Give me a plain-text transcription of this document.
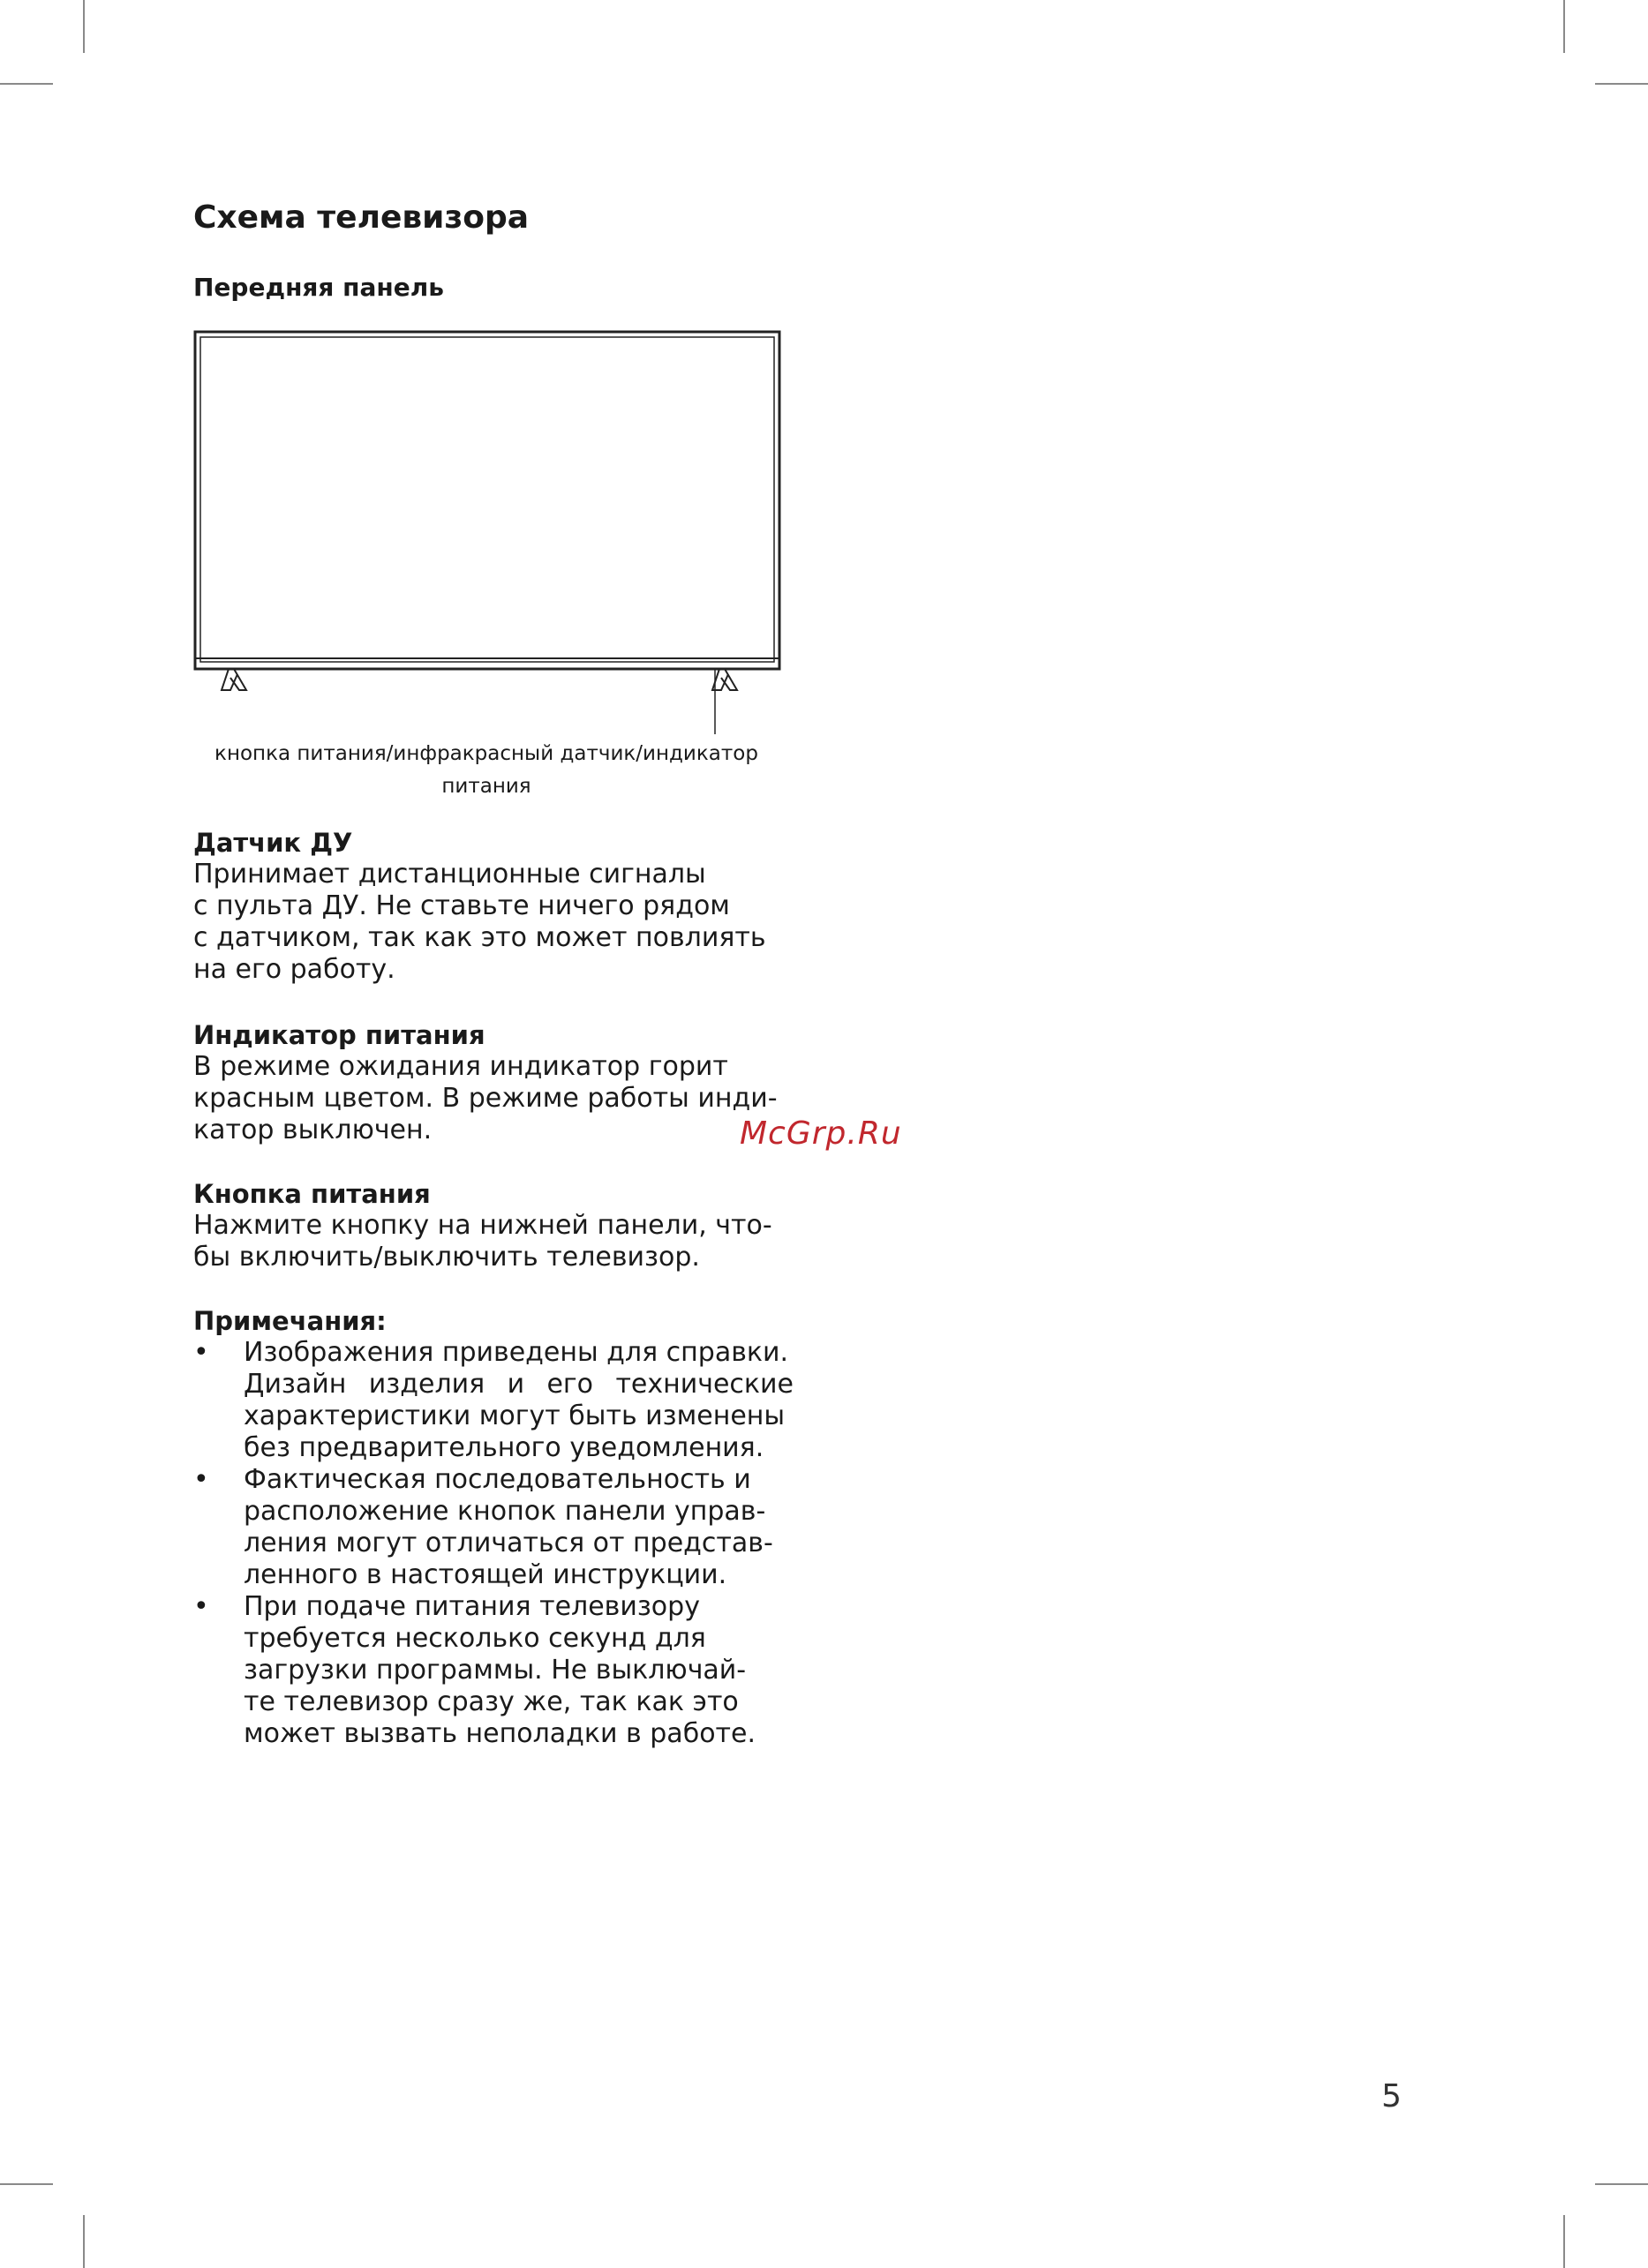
Схема телевизора
Передняя панель

кнопка питания/инфракрасный датчик/индикатор

питания

Датчик ДУ

Принимает дистанционные сигналы

с пульта ДУ. Не ставьте ничего рядом

с датчиком, так как это может повлиять

на его работу.

Индикатор питания

В режиме ожидания индикатор горит

красным цветом. В режиме работы инди-

катор выключен.	McGrp.Ru

Кнопка питания

Нажмите кнопку на нижней панели, что-

бы включить/выключить телевизор.

Примечания:

• Изображения приведены для справки.

Дизайн изделия и его технические

характеристики могут быть изменены

без предварительного уведомления.

• Фактическая последовательность и

расположение кнопок панели управ-

ления могут отличаться от представ-

ленного в настоящей инструкции.

• При подаче питания телевизору

требуется несколько секунд для

загрузки программы. Не выключай-

те телевизор сразу же, так как это

может вызвать неполадки в работе.

5
